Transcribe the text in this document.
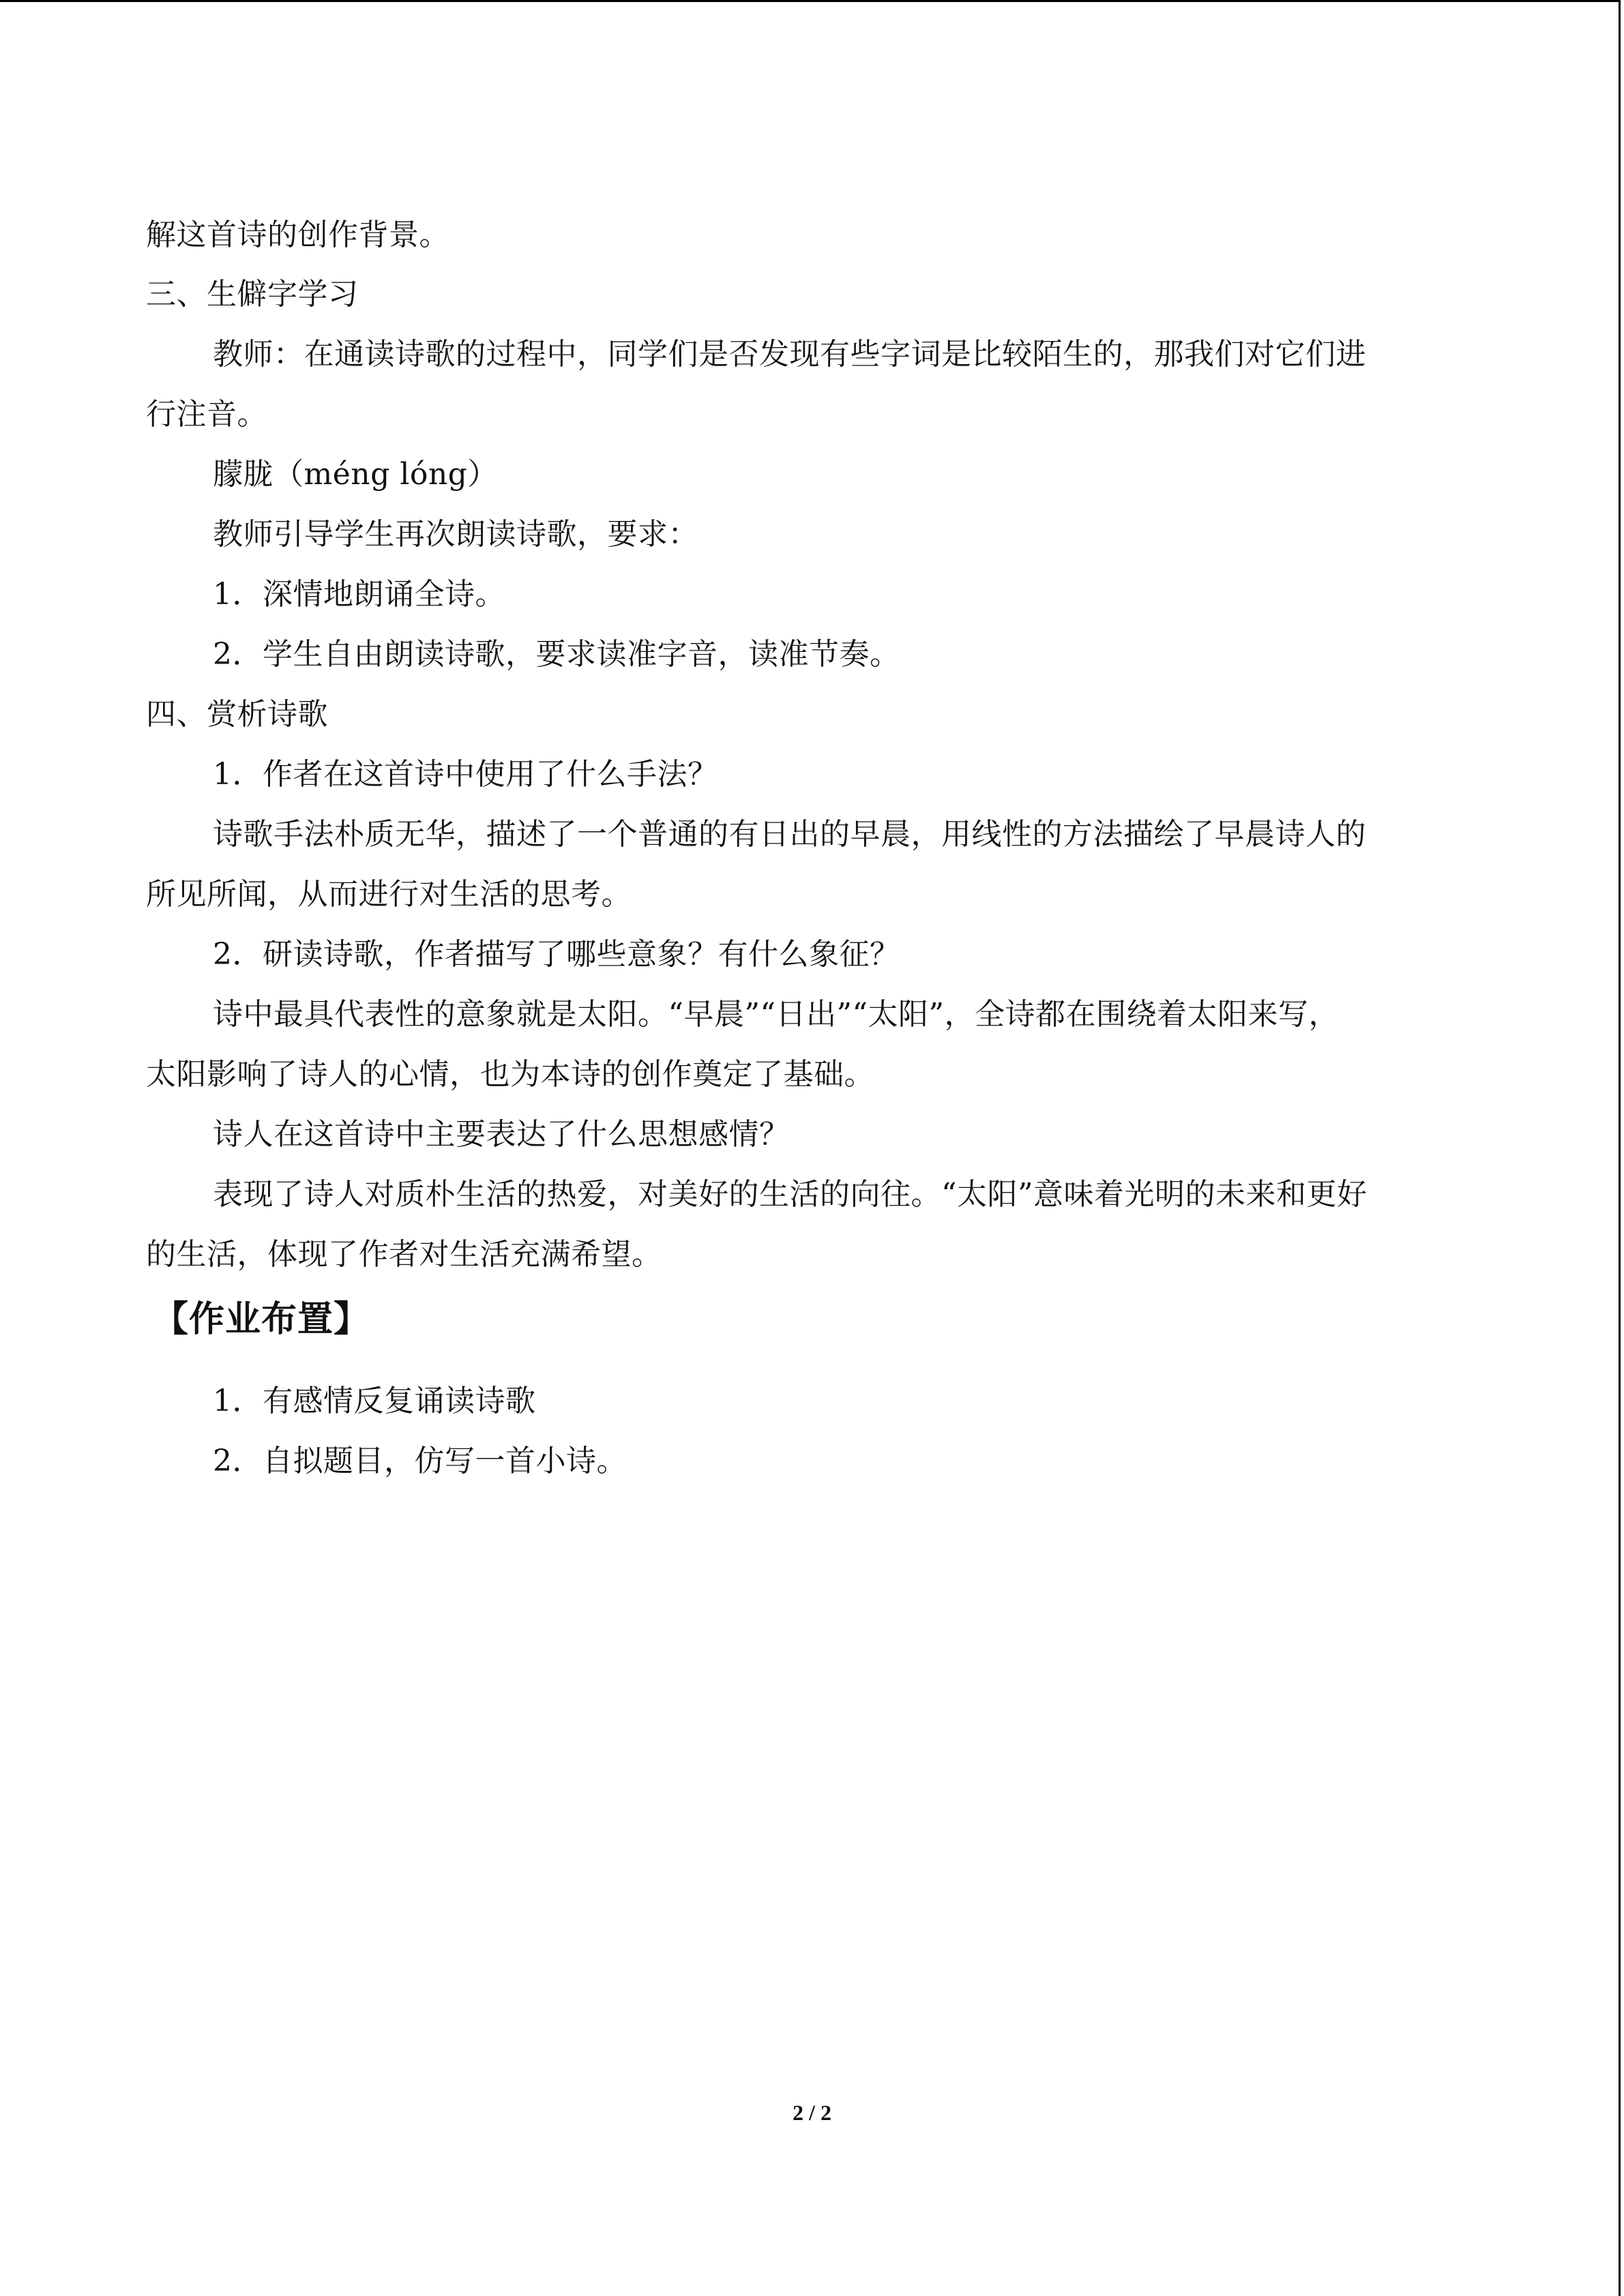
解这首诗的创作背景。
三、生僻字学习
教师：在通读诗歌的过程中，同学们是否发现有些字词是比较陌生的，那我们对它们进
行注音。
朦胧（méng lóng）
教师引导学生再次朗读诗歌，要求：
1．深情地朗诵全诗。
2．学生自由朗读诗歌，要求读准字音，读准节奏。
四、赏析诗歌
1．作者在这首诗中使用了什么手法？
诗歌手法朴质无华，描述了一个普通的有日出的早晨，用线性的方法描绘了早晨诗人的
所见所闻，从而进行对生活的思考。
2．研读诗歌，作者描写了哪些意象？有什么象征？
诗中最具代表性的意象就是太阳。“早晨”“日出”“太阳”，全诗都在围绕着太阳来写，
太阳影响了诗人的心情，也为本诗的创作奠定了基础。
诗人在这首诗中主要表达了什么思想感情？
表现了诗人对质朴生活的热爱，对美好的生活的向往。“太阳”意味着光明的未来和更好
的生活，体现了作者对生活充满希望。
【作业布置】
1．有感情反复诵读诗歌
2．自拟题目，仿写一首小诗。
2 / 2
